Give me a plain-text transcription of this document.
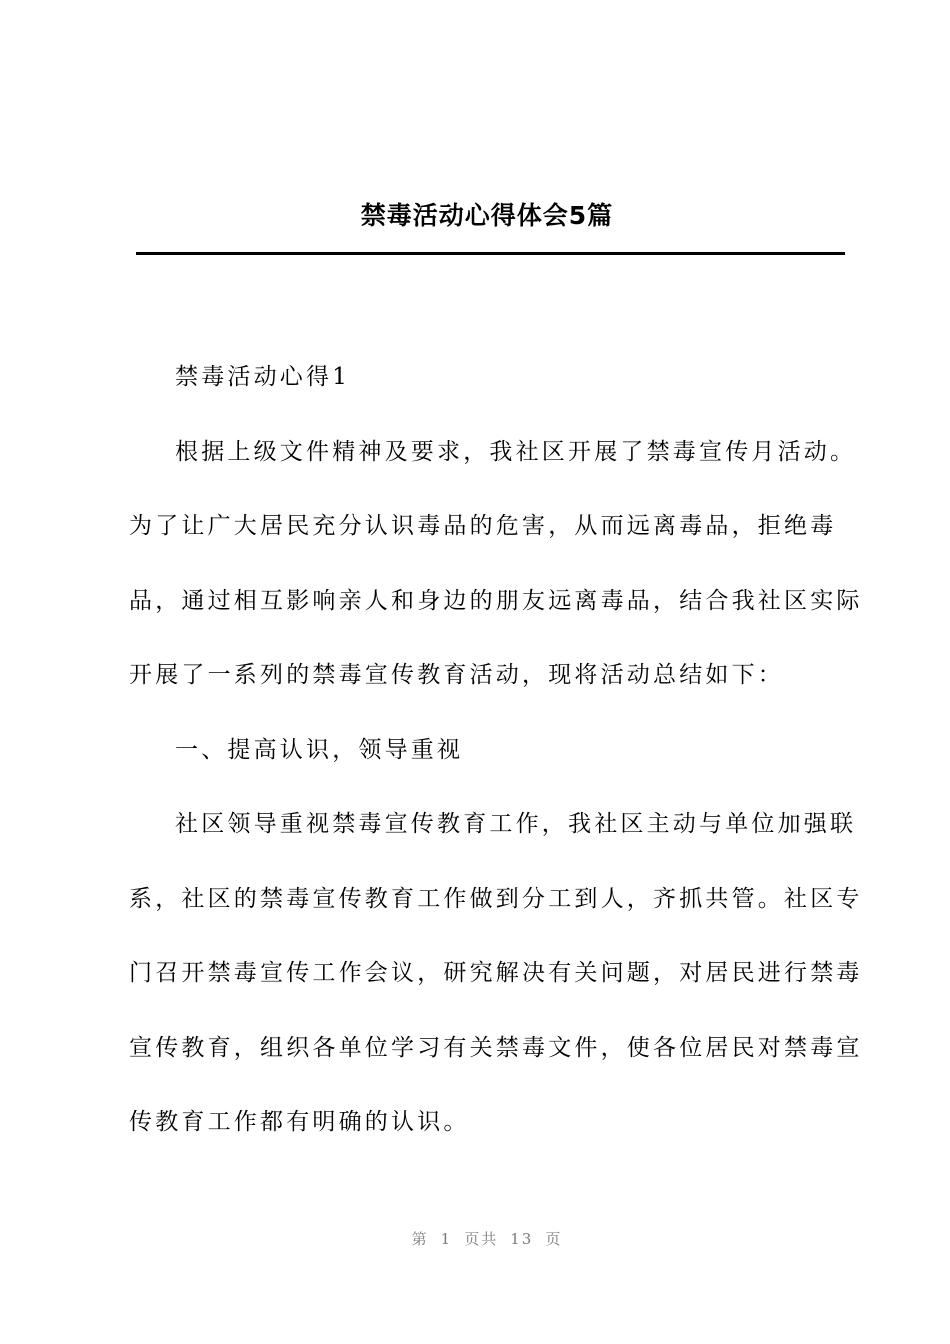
禁毒活动心得体会5篇

禁毒活动心得1

根据上级文件精神及要求，我社区开展了禁毒宣传月活动。为了让广大居民充分认识毒品的危害，从而远离毒品，拒绝毒品，通过相互影响亲人和身边的朋友远离毒品，结合我社区实际开展了一系列的禁毒宣传教育活动，现将活动总结如下：

一、提高认识，领导重视

社区领导重视禁毒宣传教育工作，我社区主动与单位加强联系，社区的禁毒宣传教育工作做到分工到人，齐抓共管。社区专门召开禁毒宣传工作会议，研究解决有关问题，对居民进行禁毒宣传教育，组织各单位学习有关禁毒文件，使各位居民对禁毒宣传教育工作都有明确的认识。

第 1 页共 13 页
